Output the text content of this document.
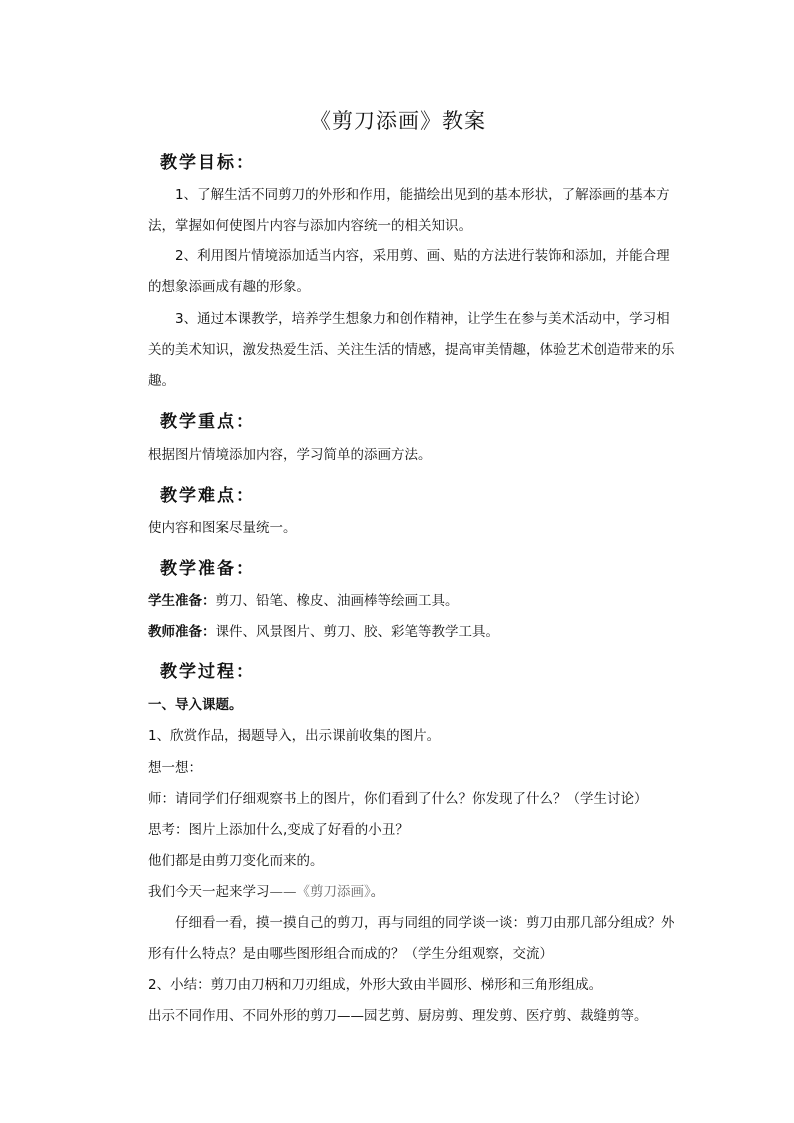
《剪刀添画》教案
教学目标：
1、了解生活不同剪刀的外形和作用，能描绘出见到的基本形状，了解添画的基本方法，掌握如何使图片内容与添加内容统一的相关知识。
2、利用图片情境添加适当内容，采用剪、画、贴的方法进行装饰和添加，并能合理的想象添画成有趣的形象。
3、通过本课教学，培养学生想象力和创作精神，让学生在参与美术活动中，学习相关的美术知识，激发热爱生活、关注生活的情感，提高审美情趣，体验艺术创造带来的乐趣。
教学重点：
根据图片情境添加内容，学习简单的添画方法。
教学难点：
使内容和图案尽量统一。
教学准备：
学生准备：剪刀、铅笔、橡皮、油画棒等绘画工具。
教师准备：课件、风景图片、剪刀、胶、彩笔等教学工具。
教学过程：
一、导入课题。
1、欣赏作品，揭题导入，出示课前收集的图片。
想一想：
师：请同学们仔细观察书上的图片，你们看到了什么？你发现了什么？（学生讨论）
思考：图片上添加什么,变成了好看的小丑？
他们都是由剪刀变化而来的。
我们今天一起来学习——《剪刀添画》。
仔细看一看，摸一摸自己的剪刀，再与同组的同学谈一谈：剪刀由那几部分组成？外形有什么特点？是由哪些图形组合而成的？（学生分组观察，交流）
2、小结：剪刀由刀柄和刀刃组成，外形大致由半圆形、梯形和三角形组成。
出示不同作用、不同外形的剪刀——园艺剪、厨房剪、理发剪、医疗剪、裁缝剪等。
